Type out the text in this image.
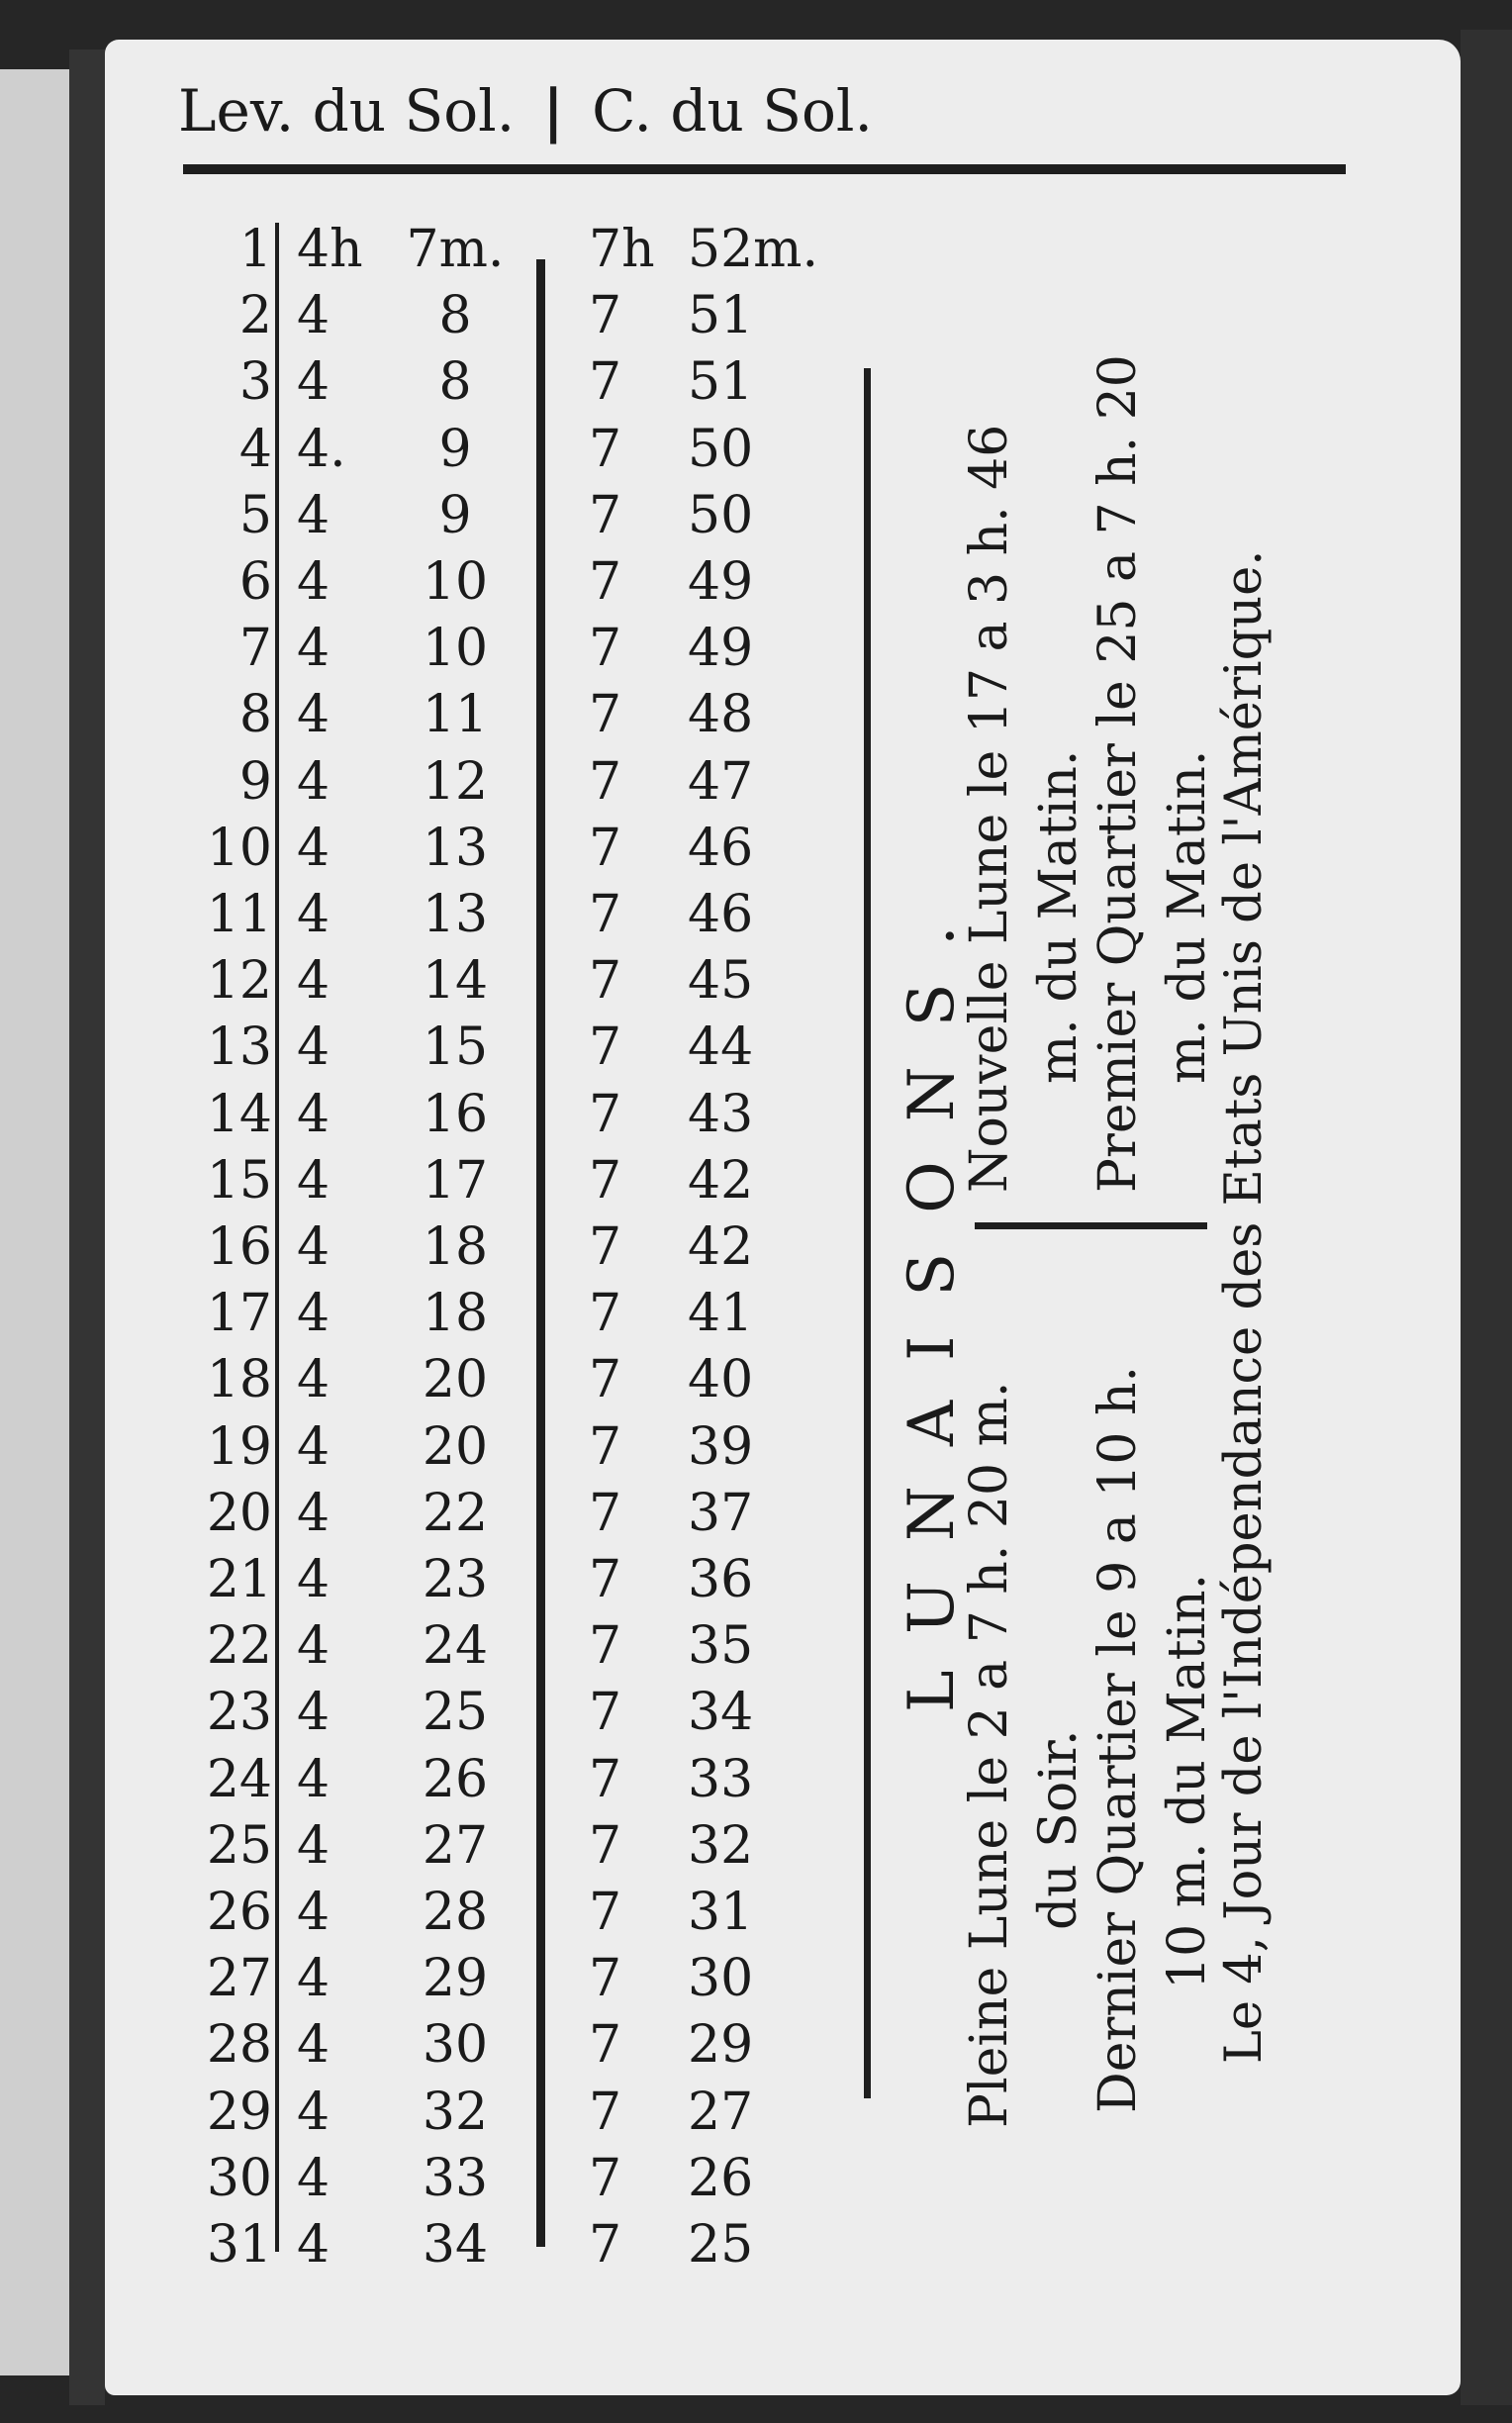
Lev. du Sol. | C. du Sol.
1 4h 7m. 7h 52m.
2 4	8	7	51
3 4	8	7	51
4 4.	9	7	50
5 4	9	7	50
6 4	10	7	49
7 4	10	7	49
8 4	11	7	48
9 4	12	7	47
10 4	13	7	46
11 4	13	7	46
12 4	14	7	45
13 4	15	7	44
14 4	16	7	43
15 4	17	7	42
16 4	18	7	42
17 4	18	7	41
18 4	20	7	40
19 4	20	7	39
20 4	22	7	37
21 4	23	7	36
22 4	24	7	35
23 4	25	7	34
24 4	26	7	33
25 4	27	7	32
26 4	28	7	31
27 4	29	7	30
28 4	30	7	29
29 4	32	7	27
30 4	33	7	26
31 4	34	7	25
LUNAISONS.
Pleine Lune le 2 a 7 h. 20 m. du Soir. Dernier Quartier le 9 a 10 h. 10 m. du Matin.
Nouvelle Lune le 17 a 3 h. 46 m. du Matin. Premier Quartier le 25 a 7 h. 20 m. du Matin.
Le 4, Jour de l'Indépendance des Etats Unis de l'Amérique.
